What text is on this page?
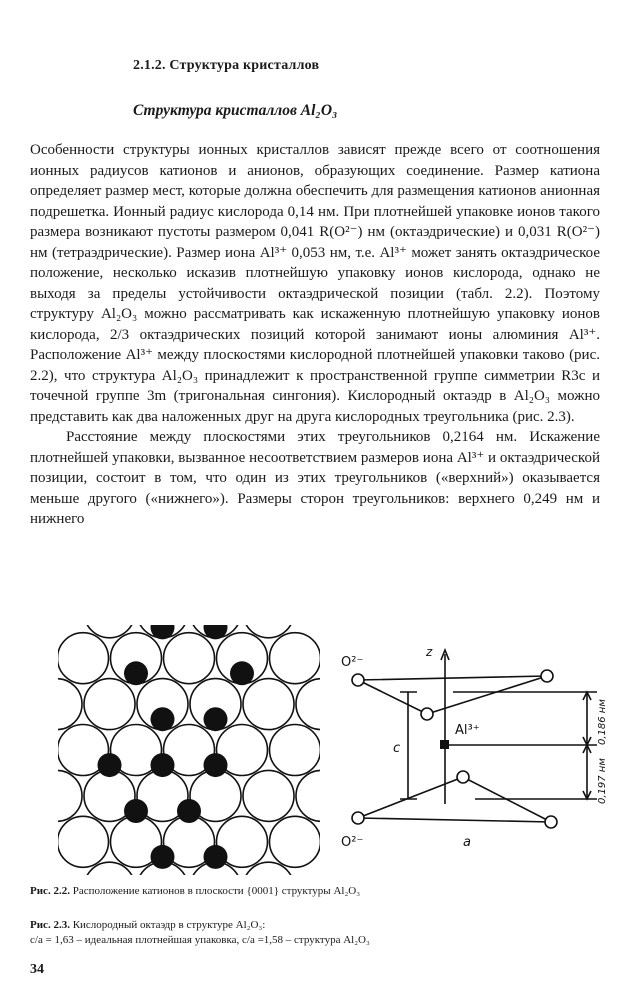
2.1.2. Структура кристаллов
Структура кристаллов Al₂O₃

Особенности структуры ионных кристаллов зависят прежде всего от соотношения ионных радиусов катионов и анионов, образующих соединение. Размер катиона определяет размер мест, которые должна обеспечить для размещения катионов анионная подрешетка. Ионный радиус кислорода 0,14 нм. При плотнейшей упаковке ионов такого размера возникают пустоты размером 0,041 R(O²⁻) нм (октаэдрические) и 0,031 R(O²⁻) нм (тетраэдрические). Размер иона Al³⁺ 0,053 нм, т.е. Al³⁺ может занять октаэдрическое положение, несколько исказив плотнейшую упаковку ионов кислорода, однако не выходя за пределы устойчивости октаэдрической позиции (табл. 2.2). Поэтому структуру Al₂O₃ можно рассматривать как искаженную плотнейшую упаковку ионов кислорода, 2/3 октаэдрических позиций которой занимают ионы алюминия Al³⁺. Расположение Al³⁺ между плоскостями кислородной плотнейшей упаковки таково (рис. 2.2), что структура Al₂O₃ принадлежит к пространственной группе симметрии R3c и точечной группе 3m (тригональная сингония). Кислородный октаэдр в Al₂O₃ можно представить как два наложенных друг на друга кислородных треугольника (рис. 2.3).

Расстояние между плоскостями этих треугольников 0,2164 нм. Искажение плотнейшей упаковки, вызванное несоответствием размеров иона Al³⁺ и октаэдрической позиции, состоит в том, что один из этих треугольников («верхний») оказывается меньше другого («нижнего»). Размеры сторон треугольников: верхнего 0,249 нм и нижнего

O²⁻
O²⁻
Al³⁺
z
c
a
0,186 нм
0,197 нм
Рис. 2.2. Расположение катионов в плоскости {0001} структуры Al₂O₃
Рис. 2.3. Кислородный октаэдр в структуре Al₂O₃:
c/a = 1,63 – идеальная плотнейшая упаковка, c/a =1,58 – структура Al₂O₃
34
